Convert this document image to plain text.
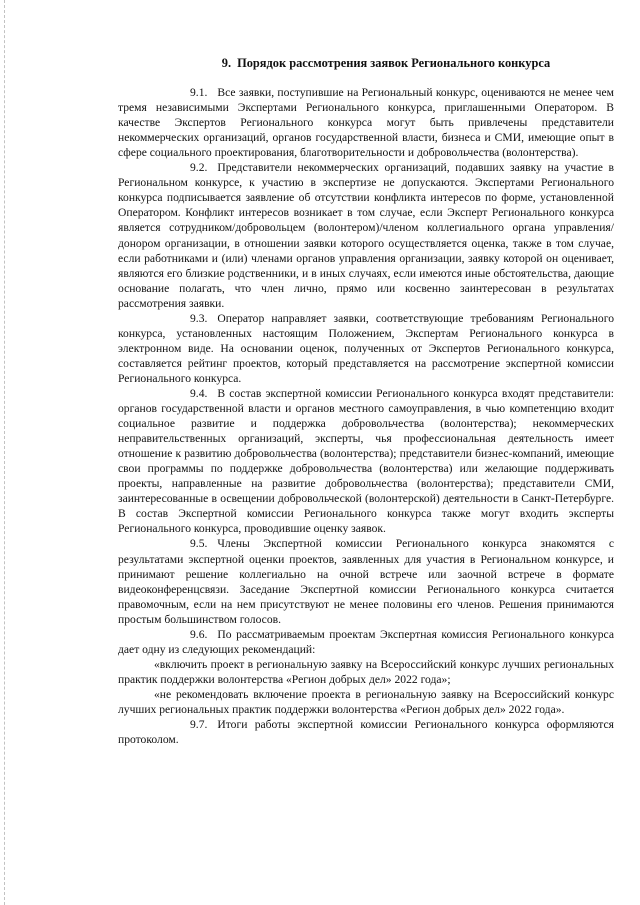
9. Порядок рассмотрения заявок Регионального конкурса

9.1. Все заявки, поступившие на Региональный конкурс, оцениваются не менее чем тремя независимыми Экспертами Регионального конкурса, приглашенными Оператором. В качестве Экспертов Регионального конкурса могут быть привлечены представители некоммерческих организаций, органов государственной власти, бизнеса и СМИ, имеющие опыт в сфере социального проектирования, благотворительности и добровольчества (волонтерства).

9.2. Представители некоммерческих организаций, подавших заявку на участие в Региональном конкурсе, к участию в экспертизе не допускаются. Экспертами Регионального конкурса подписывается заявление об отсутствии конфликта интересов по форме, установленной Оператором. Конфликт интересов возникает в том случае, если Эксперт Регионального конкурса является сотрудником/добровольцем (волонтером)/членом коллегиального органа управления/донором организации, в отношении заявки которого осуществляется оценка, также в том случае, если работниками и (или) членами органов управления организации, заявку которой он оценивает, являются его близкие родственники, и в иных случаях, если имеются иные обстоятельства, дающие основание полагать, что член лично, прямо или косвенно заинтересован в результатах рассмотрения заявки.

9.3. Оператор направляет заявки, соответствующие требованиям Регионального конкурса, установленных настоящим Положением, Экспертам Регионального конкурса в электронном виде. На основании оценок, полученных от Экспертов Регионального конкурса, составляется рейтинг проектов, который представляется на рассмотрение экспертной комиссии Регионального конкурса.

9.4. В состав экспертной комиссии Регионального конкурса входят представители: органов государственной власти и органов местного самоуправления, в чью компетенцию входит социальное развитие и поддержка добровольчества (волонтерства); некоммерческих неправительственных организаций, эксперты, чья профессиональная деятельность имеет отношение к развитию добровольчества (волонтерства); представители бизнес-компаний, имеющие свои программы по поддержке добровольчества (волонтерства) или желающие поддерживать проекты, направленные на развитие добровольчества (волонтерства); представители СМИ, заинтересованные в освещении добровольческой (волонтерской) деятельности в Санкт-Петербурге. В состав Экспертной комиссии Регионального конкурса также могут входить эксперты Регионального конкурса, проводившие оценку заявок.

9.5. Члены Экспертной комиссии Регионального конкурса знакомятся с результатами экспертной оценки проектов, заявленных для участия в Региональном конкурсе, и принимают решение коллегиально на очной встрече или заочной встрече в формате видеоконференцсвязи. Заседание Экспертной комиссии Регионального конкурса считается правомочным, если на нем присутствуют не менее половины его членов. Решения принимаются простым большинством голосов.

9.6. По рассматриваемым проектам Экспертная комиссия Регионального конкурса дает одну из следующих рекомендаций:

«включить проект в региональную заявку на Всероссийский конкурс лучших региональных практик поддержки волонтерства «Регион добрых дел» 2022 года»;

«не рекомендовать включение проекта в региональную заявку на Всероссийский конкурс лучших региональных практик поддержки волонтерства «Регион добрых дел» 2022 года».

9.7. Итоги работы экспертной комиссии Регионального конкурса оформляются протоколом.
